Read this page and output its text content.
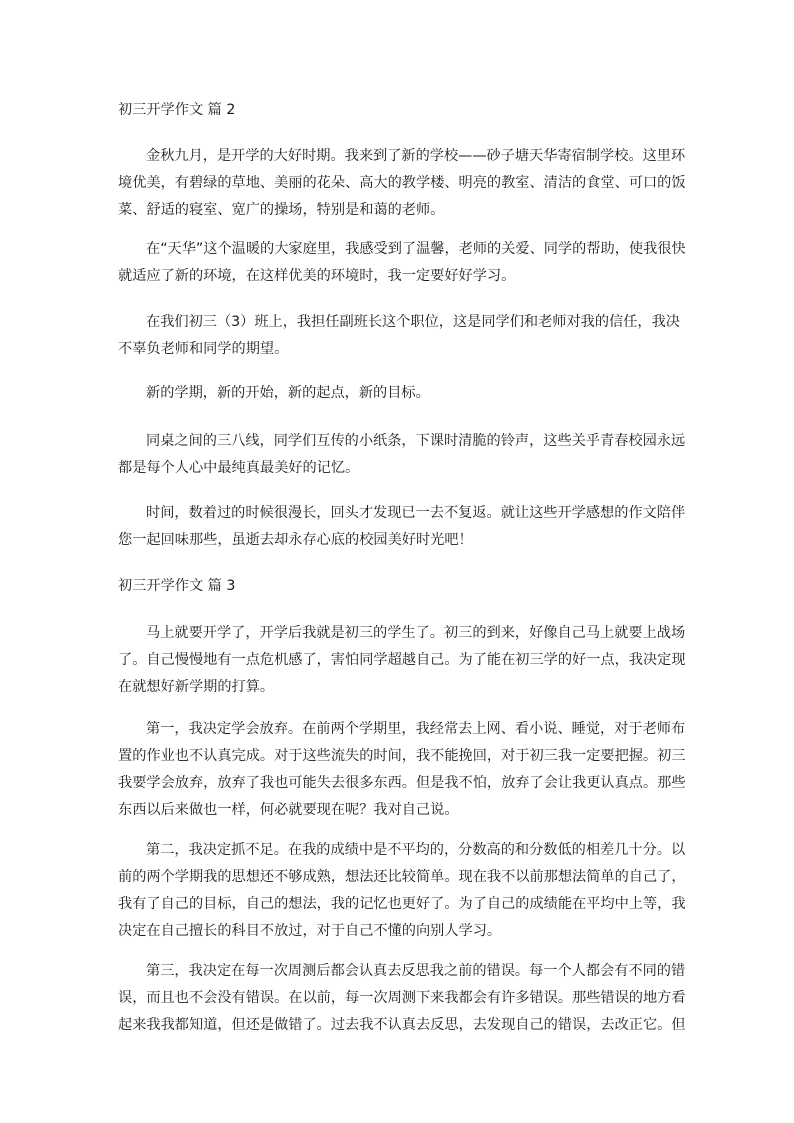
初三开学作文 篇 2
金秋九月，是开学的大好时期。我来到了新的学校——砂子塘天华寄宿制学校。这里环
境优美，有碧绿的草地、美丽的花朵、高大的教学楼、明亮的教室、清洁的食堂、可口的饭
菜、舒适的寝室、宽广的操场，特别是和蔼的老师。
在“天华”这个温暖的大家庭里，我感受到了温馨，老师的关爱、同学的帮助，使我很快
就适应了新的环境，在这样优美的环境时，我一定要好好学习。
在我们初三（3）班上，我担任副班长这个职位，这是同学们和老师对我的信任，我决
不辜负老师和同学的期望。
新的学期，新的开始，新的起点，新的目标。
同桌之间的三八线，同学们互传的小纸条，下课时清脆的铃声，这些关乎青春校园永远
都是每个人心中最纯真最美好的记忆。
时间，数着过的时候很漫长，回头才发现已一去不复返。就让这些开学感想的作文陪伴
您一起回味那些，虽逝去却永存心底的校园美好时光吧！
初三开学作文 篇 3
马上就要开学了，开学后我就是初三的学生了。初三的到来，好像自己马上就要上战场
了。自己慢慢地有一点危机感了，害怕同学超越自己。为了能在初三学的好一点，我决定现
在就想好新学期的打算。
第一，我决定学会放弃。在前两个学期里，我经常去上网、看小说、睡觉，对于老师布
置的作业也不认真完成。对于这些流失的时间，我不能挽回，对于初三我一定要把握。初三
我要学会放弃，放弃了我也可能失去很多东西。但是我不怕，放弃了会让我更认真点。那些
东西以后来做也一样，何必就要现在呢？我对自己说。
第二，我决定抓不足。在我的成绩中是不平均的，分数高的和分数低的相差几十分。以
前的两个学期我的思想还不够成熟，想法还比较简单。现在我不以前那想法简单的自己了，
我有了自己的目标，自己的想法，我的记忆也更好了。为了自己的成绩能在平均中上等，我
决定在自己擅长的科目不放过，对于自己不懂的向别人学习。
第三，我决定在每一次周测后都会认真去反思我之前的错误。每一个人都会有不同的错
误，而且也不会没有错误。在以前，每一次周测下来我都会有许多错误。那些错误的地方看
起来我我都知道，但还是做错了。过去我不认真去反思，去发现自己的错误，去改正它。但
